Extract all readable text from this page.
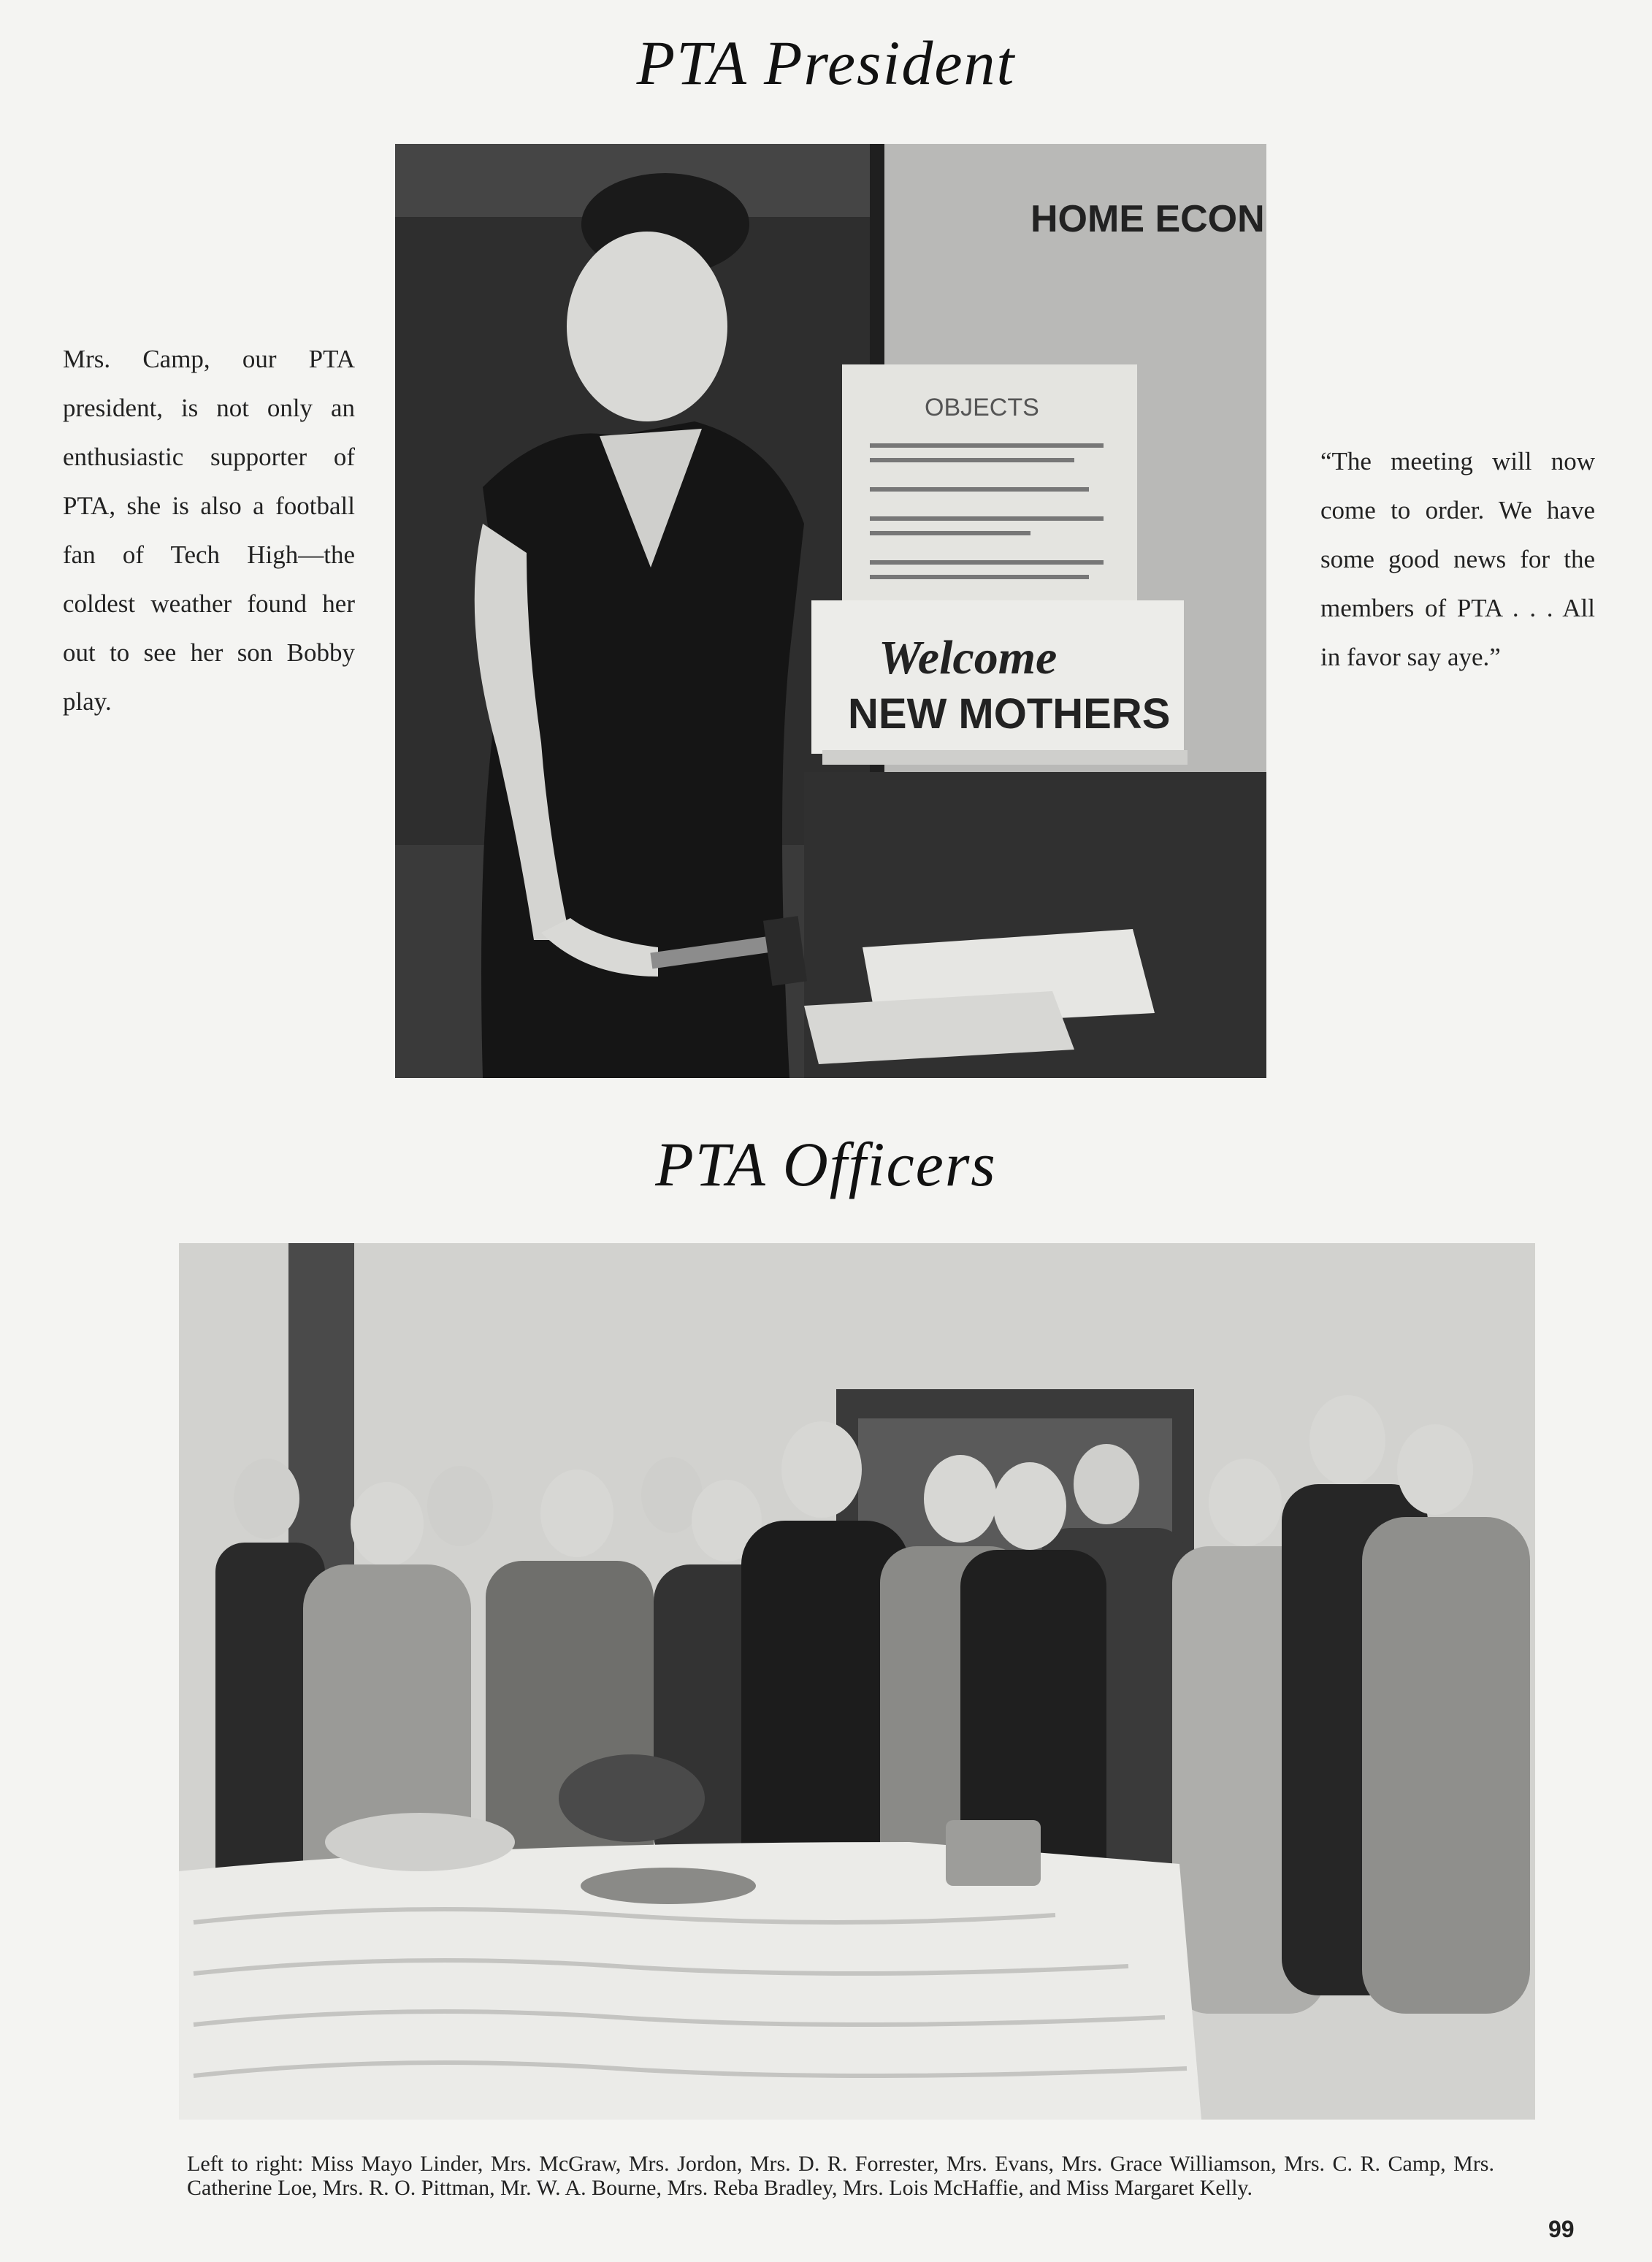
PTA President
Mrs. Camp, our PTA president, is not only an enthusiastic supporter of PTA, she is also a football fan of Tech High—the coldest weather found her out to see her son Bobby play.
HOME ECON
OBJECTS
Welcome
NEW MOTHERS
“The meeting will now come to order. We have some good news for the members of PTA . . . All in favor say aye.”
PTA Officers
Left to right: Miss Mayo Linder, Mrs. McGraw, Mrs. Jordon, Mrs. D. R. Forrester, Mrs. Evans, Mrs. Grace Williamson, Mrs. C. R. Camp, Mrs. Catherine Loe, Mrs. R. O. Pittman, Mr. W. A. Bourne, Mrs. Reba Bradley, Mrs. Lois McHaffie, and Miss Margaret Kelly.
99
